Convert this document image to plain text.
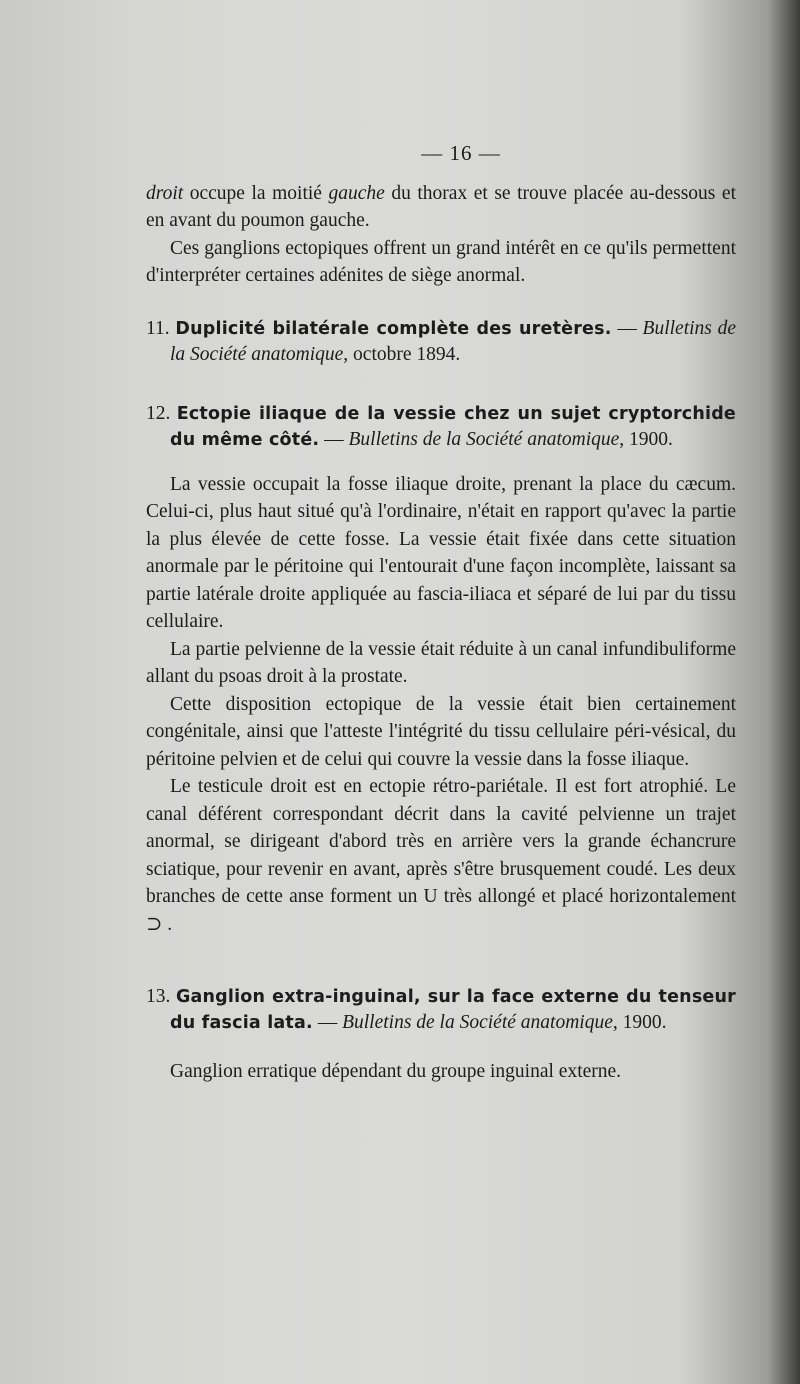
— 16 —

droit occupe la moitié gauche du thorax et se trouve placée au-dessous et en avant du poumon gauche.

Ces ganglions ectopiques offrent un grand intérêt en ce qu'ils permettent d'interpréter certaines adénites de siège anormal.

11. Duplicité bilatérale complète des uretères. — Bulletins de la Société anatomique, octobre 1894.
12. Ectopie iliaque de la vessie chez un sujet cryptorchide du même côté. — Bulletins de la Société anatomique, 1900.

La vessie occupait la fosse iliaque droite, prenant la place du cæcum. Celui-ci, plus haut situé qu'à l'ordinaire, n'était en rapport qu'avec la partie la plus élevée de cette fosse. La vessie était fixée dans cette situation anormale par le péritoine qui l'entourait d'une façon incomplète, laissant sa partie latérale droite appliquée au fascia-iliaca et séparé de lui par du tissu cellulaire.

La partie pelvienne de la vessie était réduite à un canal infundibuliforme allant du psoas droit à la prostate.

Cette disposition ectopique de la vessie était bien certainement congénitale, ainsi que l'atteste l'intégrité du tissu cellulaire péri-vésical, du péritoine pelvien et de celui qui couvre la vessie dans la fosse iliaque.

Le testicule droit est en ectopie rétro-pariétale. Il est fort atrophié. Le canal déférent correspondant décrit dans la cavité pelvienne un trajet anormal, se dirigeant d'abord très en arrière vers la grande échancrure sciatique, pour revenir en avant, après s'être brusquement coudé. Les deux branches de cette anse forment un U très allongé et placé horizontalement ⊃ .

13. Ganglion extra-inguinal, sur la face externe du tenseur du fascia lata. — Bulletins de la Société anatomique, 1900.

Ganglion erratique dépendant du groupe inguinal externe.
